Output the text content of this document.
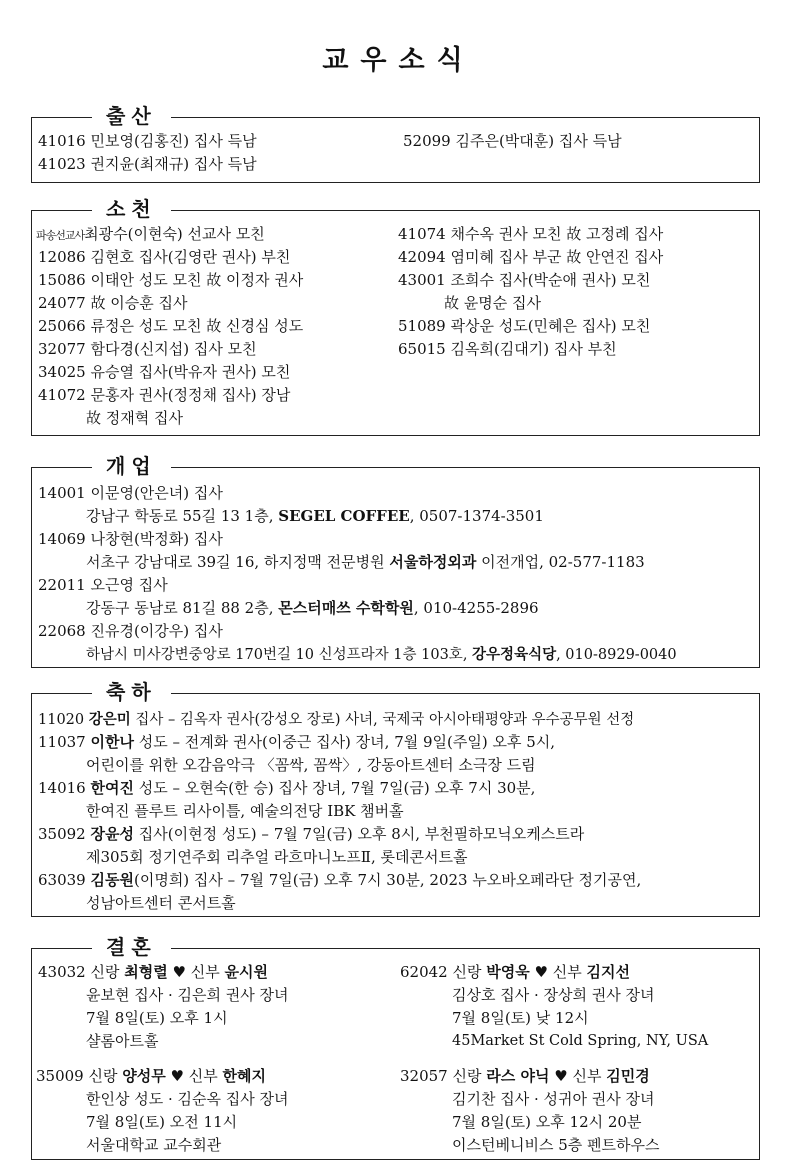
교우소식
출산
41016 민보영(김홍진) 집사 득남
41023 권지윤(최재규) 집사 득남
52099 김주은(박대훈) 집사 득남
소천
파송선교사최광수(이현숙) 선교사 모친
12086 김현호 집사(김영란 권사) 부친
15086 이태안 성도 모친 故 이정자 권사
24077 故 이승훈 집사
25066 류정은 성도 모친 故 신경심 성도
32077 함다경(신지섭) 집사 모친
34025 유승열 집사(박유자 권사) 모친
41072 문홍자 권사(정정채 집사) 장남
故 정재혁 집사
41074 채수옥 권사 모친 故 고정례 집사
42094 염미혜 집사 부군 故 안연진 집사
43001 조희수 집사(박순애 권사) 모친
故 윤명순 집사
51089 곽상운 성도(민혜은 집사) 모친
65015 김옥희(김대기) 집사 부친
개업
14001 이문영(안은녀) 집사
강남구 학동로 55길 13 1층, SEGEL COFFEE, 0507-1374-3501
14069 나창현(박정화) 집사
서초구 강남대로 39길 16, 하지정맥 전문병원 서울하정외과 이전개업, 02-577-1183
22011 오근영 집사
강동구 동남로 81길 88 2층, 몬스터매쓰 수학학원, 010-4255-2896
22068 진유경(이강우) 집사
하남시 미사강변중앙로 170번길 10 신성프라자 1층 103호, 강우정육식당, 010-8929-0040
축하
11020 강은미 집사 – 김옥자 권사(강성오 장로) 사녀, 국제국 아시아태평양과 우수공무원 선정
11037 이한나 성도 – 전계화 권사(이중근 집사) 장녀, 7월 9일(주일) 오후 5시,
어린이를 위한 오감음악극 〈꼼싹, 꼼싹〉, 강동아트센터 소극장 드림
14016 한여진 성도 – 오현숙(한 승) 집사 장녀, 7월 7일(금) 오후 7시 30분,
한여진 플루트 리사이틀, 예술의전당 IBK 챔버홀
35092 장윤성 집사(이현정 성도) – 7월 7일(금) 오후 8시, 부천필하모닉오케스트라
제305회 정기연주회 리추얼 라흐마니노프Ⅱ, 롯데콘서트홀
63039 김동원(이명희) 집사 – 7월 7일(금) 오후 7시 30분, 2023 누오바오페라단 정기공연,
성남아트센터 콘서트홀
결혼
43032 신랑 최형렬 ♥ 신부 윤시원
윤보현 집사 · 김은희 권사 장녀
7월 8일(토) 오후 1시
샬롬아트홀
62042 신랑 박영욱 ♥ 신부 김지선
김상호 집사 · 장상희 권사 장녀
7월 8일(토) 낮 12시
45Market St Cold Spring, NY, USA
35009 신랑 양성무 ♥ 신부 한혜지
한인상 성도 · 김순옥 집사 장녀
7월 8일(토) 오전 11시
서울대학교 교수회관
32057 신랑 라스 야닉 ♥ 신부 김민경
김기찬 집사 · 성귀아 권사 장녀
7월 8일(토) 오후 12시 20분
이스턴베니비스 5층 펜트하우스
